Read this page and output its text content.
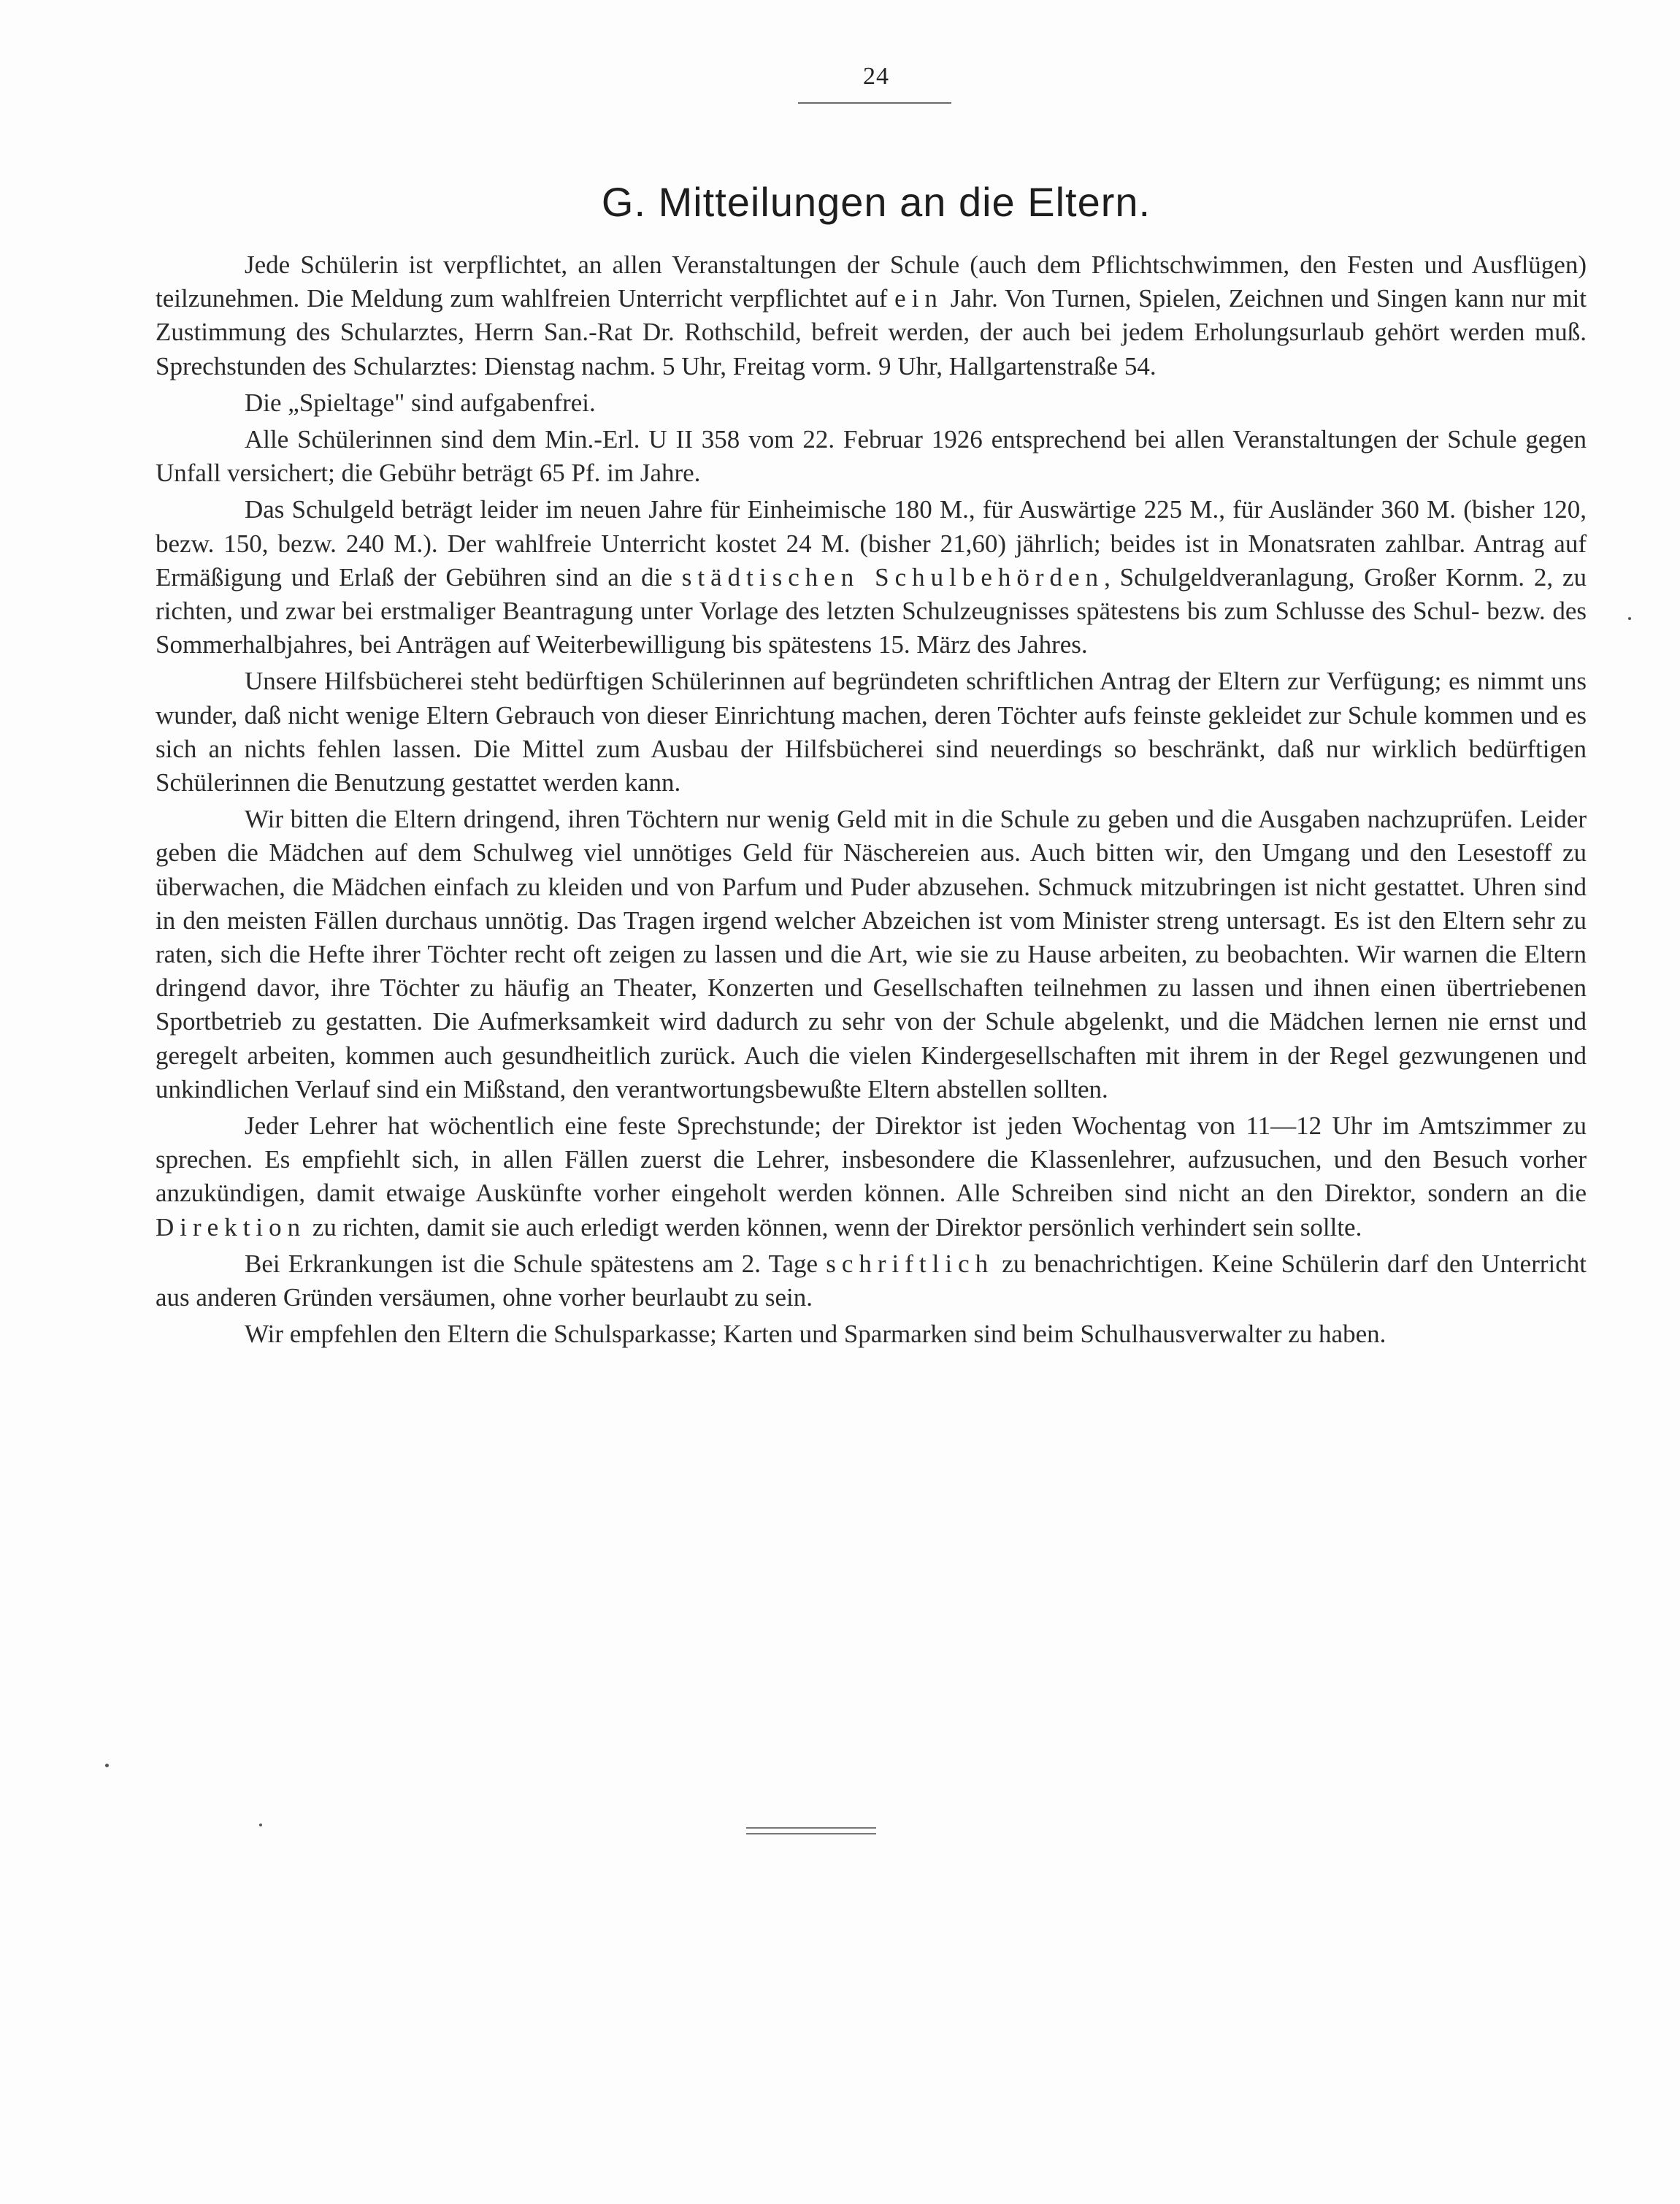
24
G. Mitteilungen an die Eltern.

Jede Schülerin ist verpflichtet, an allen Veranstaltungen der Schule (auch dem Pflichtschwimmen, den Festen und Ausflügen) teilzunehmen. Die Meldung zum wahlfreien Unterricht verpflichtet auf ein Jahr. Von Turnen, Spielen, Zeichnen und Singen kann nur mit Zustimmung des Schularztes, Herrn San.-Rat Dr. Rothschild, befreit werden, der auch bei jedem Erholungsurlaub gehört werden muß. Sprechstunden des Schularztes: Dienstag nachm. 5 Uhr, Freitag vorm. 9 Uhr, Hallgartenstraße 54.

Die „Spieltage" sind aufgabenfrei.

Alle Schülerinnen sind dem Min.-Erl. U II 358 vom 22. Februar 1926 entsprechend bei allen Veranstaltungen der Schule gegen Unfall versichert; die Gebühr beträgt 65 Pf. im Jahre.

Das Schulgeld beträgt leider im neuen Jahre für Einheimische 180 M., für Auswärtige 225 M., für Ausländer 360 M. (bisher 120, bezw. 150, bezw. 240 M.). Der wahlfreie Unterricht kostet 24 M. (bisher 21,60) jährlich; beides ist in Monatsraten zahlbar. Antrag auf Ermäßigung und Erlaß der Gebühren sind an die städtischen Schulbehörden, Schulgeldveranlagung, Großer Kornm. 2, zu richten, und zwar bei erstmaliger Beantragung unter Vorlage des letzten Schulzeugnisses spätestens bis zum Schlusse des Schul- bezw. des Sommerhalbjahres, bei Anträgen auf Weiterbewilligung bis spätestens 15. März des Jahres.

Unsere Hilfsbücherei steht bedürftigen Schülerinnen auf begründeten schriftlichen Antrag der Eltern zur Verfügung; es nimmt uns wunder, daß nicht wenige Eltern Gebrauch von dieser Einrichtung machen, deren Töchter aufs feinste gekleidet zur Schule kommen und es sich an nichts fehlen lassen. Die Mittel zum Ausbau der Hilfsbücherei sind neuerdings so beschränkt, daß nur wirklich bedürftigen Schülerinnen die Benutzung gestattet werden kann.

Wir bitten die Eltern dringend, ihren Töchtern nur wenig Geld mit in die Schule zu geben und die Ausgaben nachzuprüfen. Leider geben die Mädchen auf dem Schulweg viel unnötiges Geld für Näschereien aus. Auch bitten wir, den Umgang und den Lesestoff zu überwachen, die Mädchen einfach zu kleiden und von Parfum und Puder abzusehen. Schmuck mitzubringen ist nicht gestattet. Uhren sind in den meisten Fällen durchaus unnötig. Das Tragen irgend welcher Abzeichen ist vom Minister streng untersagt. Es ist den Eltern sehr zu raten, sich die Hefte ihrer Töchter recht oft zeigen zu lassen und die Art, wie sie zu Hause arbeiten, zu beobachten. Wir warnen die Eltern dringend davor, ihre Töchter zu häufig an Theater, Konzerten und Gesellschaften teilnehmen zu lassen und ihnen einen übertriebenen Sportbetrieb zu gestatten. Die Aufmerksamkeit wird dadurch zu sehr von der Schule abgelenkt, und die Mädchen lernen nie ernst und geregelt arbeiten, kommen auch gesundheitlich zurück. Auch die vielen Kindergesellschaften mit ihrem in der Regel gezwungenen und unkindlichen Verlauf sind ein Mißstand, den verantwortungsbewußte Eltern abstellen sollten.

Jeder Lehrer hat wöchentlich eine feste Sprechstunde; der Direktor ist jeden Wochentag von 11—12 Uhr im Amtszimmer zu sprechen. Es empfiehlt sich, in allen Fällen zuerst die Lehrer, insbesondere die Klassenlehrer, aufzusuchen, und den Besuch vorher anzukündigen, damit etwaige Auskünfte vorher eingeholt werden können. Alle Schreiben sind nicht an den Direktor, sondern an die Direktion zu richten, damit sie auch erledigt werden können, wenn der Direktor persönlich verhindert sein sollte.

Bei Erkrankungen ist die Schule spätestens am 2. Tage schriftlich zu benachrichtigen. Keine Schülerin darf den Unterricht aus anderen Gründen versäumen, ohne vorher beurlaubt zu sein.

Wir empfehlen den Eltern die Schulsparkasse; Karten und Sparmarken sind beim Schulhausverwalter zu haben.
